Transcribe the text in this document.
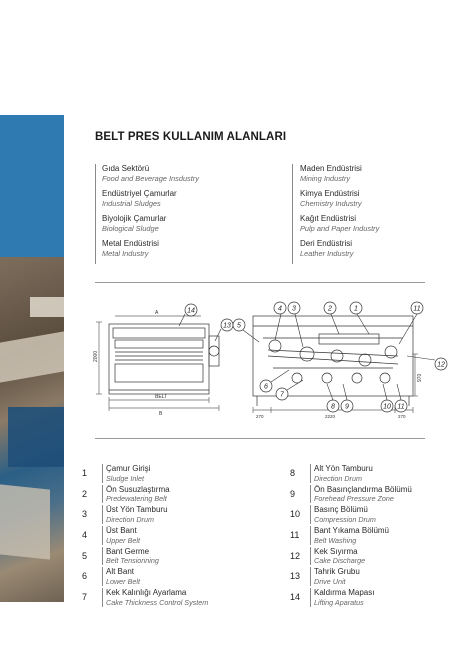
BELT PRES KULLANIM ALANLARI
Gıda Sektörü
Food and Beverage Insdustry
Endüstriyel Çamurlar
Industrial Sludges
Biyolojik Çamurlar
Biological Sludge
Metal Endüstrisi
Metal Industry
Maden Endüstrisi
Mining Industry
Kimya Endüstrisi
Chemistry Industry
Kağıt Endüstrisi
Pulp and Paper Industry
Deri Endüstrisi
Leather Industry
2000
A
BELT
B
14
13
970
270	2220	270
5
4 3	2	1	11
12
6
7
8 9	10 11
1	Çamur Girişi
Sludge Inlet
2	Ön Susuzlaştırma
Predewatering Belt
3	Üst Yön Tamburu
Direction Drum
4	Üst Bant
Upper Belt
5	Bant Germe
Belt Tensionning
6	Alt Bant
Lower Belt
7	Kek Kalınlığı Ayarlama
Cake Thickness Control System
8	Alt Yön Tamburu
Direction Drum
9	Ön Basınçlandırma Bölümü
Forehead Pressure Zone
10	Basınç Bölümü
Compression Drum
11	Bant Yıkama Bölümü
Belt Washing
12	Kek Sıyırma
Cake Discharge
13	Tahrik Grubu
Drive Unit
14	Kaldırma Mapası
Lifting Aparatus
